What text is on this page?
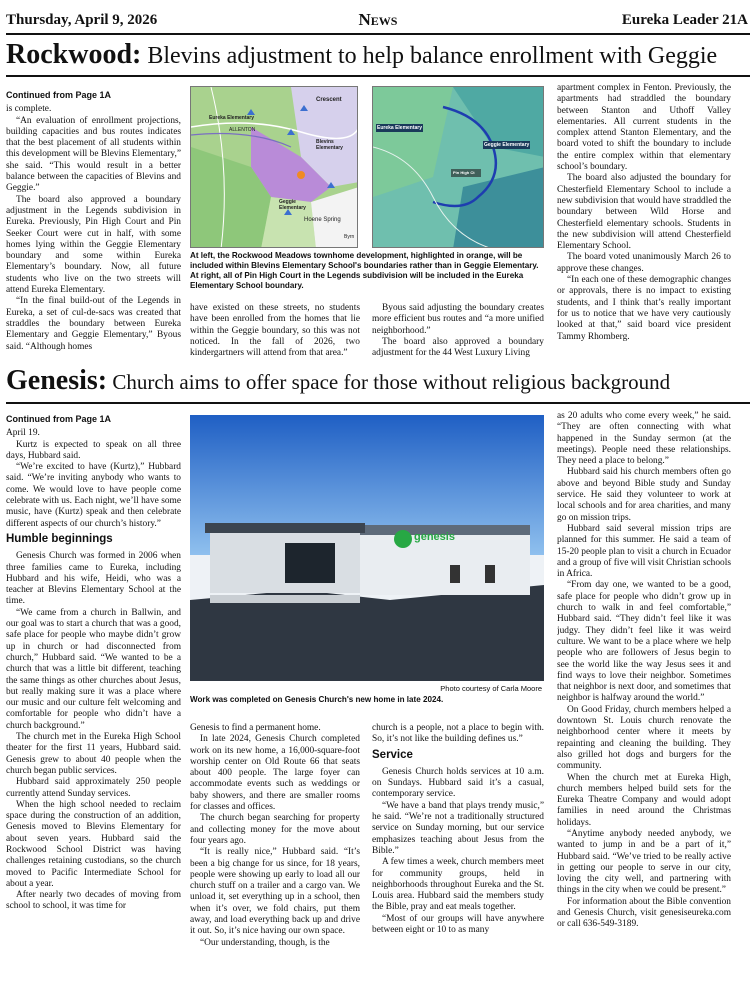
Thursday, April 9, 2026	News	Eureka Leader 21A
Rockwood: Blevins adjustment to help balance enrollment with Geggie
Continued from Page 1A

is complete.

“An evaluation of enrollment projections, building capacities and bus routes indicates that the best placement of all students within this development will be Blevins Elementary,” she said. “This would result in a better balance between the capacities of Blevins and Geggie.”

The board also approved a boundary adjustment in the Legends subdivision in Eureka. Previously, Pin High Court and Pin Seeker Court were cut in half, with some homes lying within the Geggie Elementary boundary and some within Eureka Elementary’s boundary. Now, all future students who live on the two streets will attend Eureka Elementary.

“In the final build-out of the Legends in Eureka, a set of cul-de-sacs was created that straddles the boundary between Eureka Elementary and Geggie Elementary,” Byous said. “Although homes

Crescent
Eureka Elementary
ALLENTON
Blevins Elementary
Geggie Elementary
Hoene Spring
Byrn
Eureka Elementary
Geggie Elementary
Pin High Ct
At left, the Rockwood Meadows townhome development, highlighted in orange, will be included within Blevins Elementary School's boundaries rather than in Geggie Elementary. At right, all of Pin High Court in the Legends subdivision will be included in the Eureka Elementary School boundary.

have existed on these streets, no students have been enrolled from the homes that lie within the Geggie boundary, so this was not noticed. In the fall of 2026, two kindergartners will attend from that area.”

Byous said adjusting the boundary creates more efficient bus routes and “a more unified neighborhood.”

The board also approved a boundary adjustment for the 44 West Luxury Living

apartment complex in Fenton. Previously, the apartments had straddled the boundary between Stanton and Uthoff Valley elementaries. All current students in the complex attend Stanton Elementary, and the board voted to shift the boundary to include the entire complex within that elementary school’s boundary.

The board also adjusted the boundary for Chesterfield Elementary School to include a new subdivision that would have straddled the boundary between Wild Horse and Chesterfield elementary schools. Students in the new subdivision will attend Chesterfield Elementary School.

The board voted unanimously March 26 to approve these changes.

“In each one of these demographic changes or approvals, there is no impact to existing students, and I think that’s really important for us to notice that we have very cautiously looked at that,” said board vice president Tammy Rhomberg.

Genesis: Church aims to offer space for those without religious background
Continued from Page 1A

April 19.

Kurtz is expected to speak on all three days, Hubbard said.

“We’re excited to have (Kurtz),” Hubbard said. “We’re inviting anybody who wants to come. We would love to have people come celebrate with us. Each night, we’ll have some music, have (Kurtz) speak and then celebrate different aspects of our church’s history.”

Humble beginnings

Genesis Church was formed in 2006 when three families came to Eureka, including Hubbard and his wife, Heidi, who was a teacher at Blevins Elementary School at the time.

“We came from a church in Ballwin, and our goal was to start a church that was a good, safe place for people who maybe didn’t grow up in church or had disconnected from church,” Hubbard said. “We wanted to be a church that was a little bit different, teaching the same things as other churches about Jesus, but really making sure it was a place where our music and our culture felt welcoming and comfortable for people who didn’t have a church background.”

The church met in the Eureka High School theater for the first 11 years, Hubbard said. Genesis grew to about 40 people when the church began public services.

Hubbard said approximately 250 people currently attend Sunday services.

When the high school needed to reclaim space during the construction of an addition, Genesis moved to Blevins Elementary for about seven years. Hubbard said the Rockwood School District was having challenges retaining custodians, so the church moved to Pacific Intermediate School for about a year.

After nearly two decades of moving from school to school, it was time for

genesis
Photo courtesy of Carla Moore
Work was completed on Genesis Church's new home in late 2024.

Genesis to find a permanent home.

In late 2024, Genesis Church completed work on its new home, a 16,000-square-foot worship center on Old Route 66 that seats about 400 people. The large foyer can accommodate events such as weddings or baby showers, and there are smaller rooms for classes and offices.

The church began searching for property and collecting money for the move about four years ago.

“It is really nice,” Hubbard said. “It’s been a big change for us since, for 18 years, people were showing up early to load all our church stuff on a trailer and a cargo van. We unload it, set everything up in a school, then when it’s over, we fold chairs, put them away, and load everything back up and drive it out. So, it’s nice having our own space.

“Our understanding, though, is the

church is a people, not a place to begin with. So, it’s not like the building defines us.”

Service

Genesis Church holds services at 10 a.m. on Sundays. Hubbard said it’s a casual, contemporary service.

“We have a band that plays trendy music,” he said. “We’re not a traditionally structured service on Sunday morning, but our service emphasizes teaching about Jesus from the Bible.”

A few times a week, church members meet for community groups, held in neighborhoods throughout Eureka and the St. Louis area. Hubbard said the members study the Bible, pray and eat meals together.

“Most of our groups will have anywhere between eight or 10 to as many

as 20 adults who come every week,” he said. “They are often connecting with what happened in the Sunday sermon (at the meetings). People need these relationships. They need a place to belong.”

Hubbard said his church members often go above and beyond Bible study and Sunday service. He said they volunteer to work at local schools and for area charities, and many go on mission trips.

Hubbard said several mission trips are planned for this summer. He said a team of 15-20 people plan to visit a church in Ecuador and a group of five will visit Christian schools in Africa.

“From day one, we wanted to be a good, safe place for people who didn’t grow up in church to walk in and feel comfortable,” Hubbard said. “They didn’t feel like it was judgy. They didn’t feel like it was weird culture. We want to be a place where we help people who are followers of Jesus begin to see the world like the way Jesus sees it and find ways to love their neighbor. Sometimes that neighbor is next door, and sometimes that neighbor is halfway around the world.”

On Good Friday, church members helped a downtown St. Louis church renovate the neighborhood center where it meets by repainting and cleaning the building. They also grilled hot dogs and burgers for the community.

When the church met at Eureka High, church members helped build sets for the Eureka Theatre Company and would adopt families in need around the Christmas holidays.

“Anytime anybody needed anybody, we wanted to jump in and be a part of it,” Hubbard said. “We’ve tried to be really active in getting our people to serve in our city, loving the city well, and partnering with things in the city when we could be present.”

For information about the Bible convention and Genesis Church, visit genesiseureka.com or call 636-549-3189.
